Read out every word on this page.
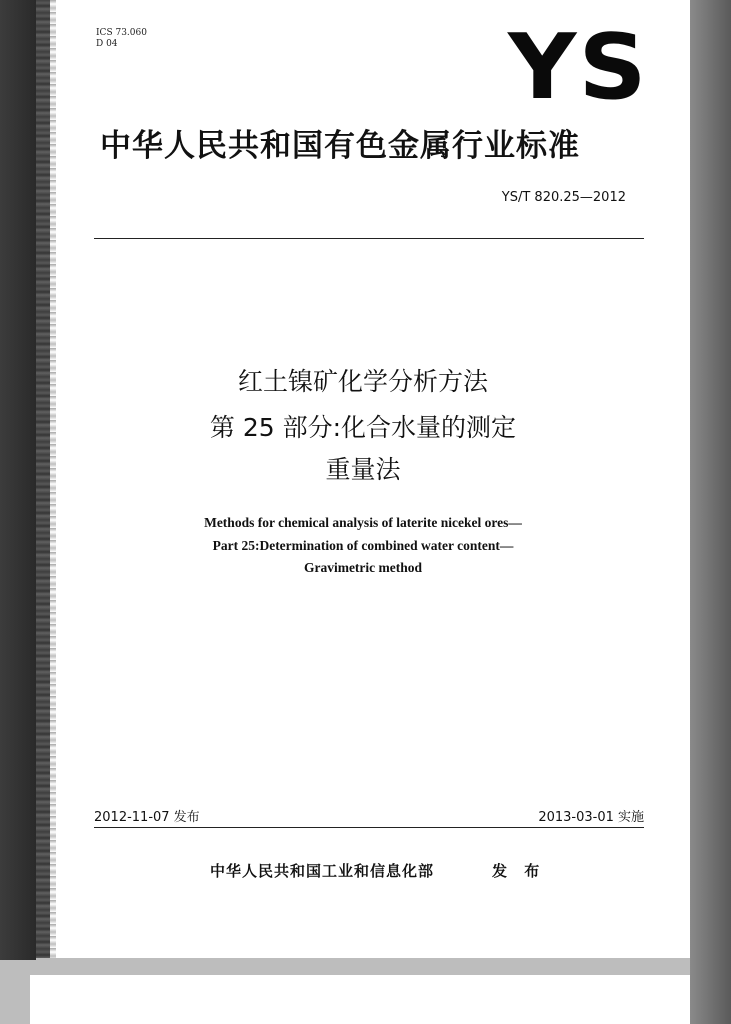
ICS 73.060
D 04	YS
中华人民共和国有色金属行业标准
YS/T 820.25—2012
红土镍矿化学分析方法
第 25 部分:化合水量的测定
重量法
Methods for chemical analysis of laterite nicekel ores—
Part 25:Determination of combined water content—
Gravimetric method
2012-11-07 发布	2013-03-01 实施
中华人民共和国工业和信息化部	发 布
